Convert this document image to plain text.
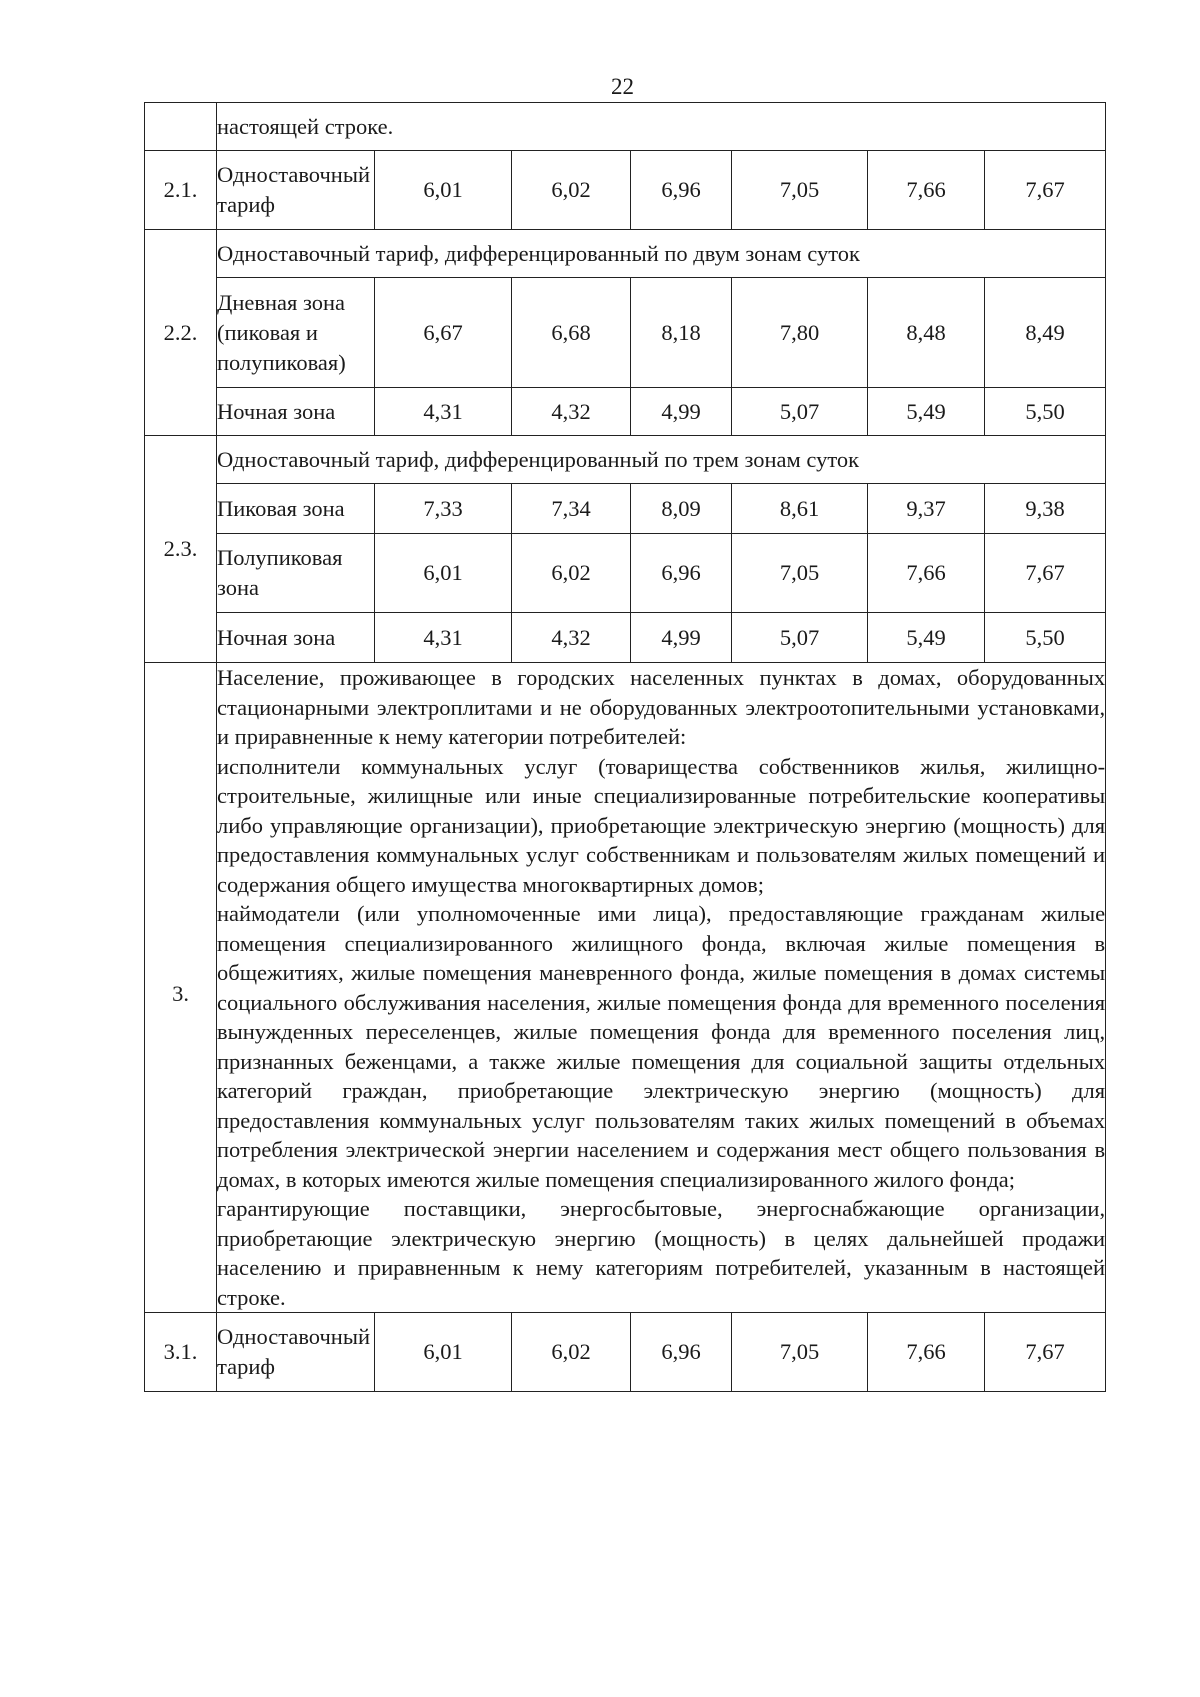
22
	настоящей строке.						
2.1.	Одноставочный тариф	6,01	6,02	6,96	7,05	7,66	7,67
2.2.	Одноставочный тариф, дифференцированный по двум зонам суток						
	Дневная зона (пиковая и полупиковая)	6,67	6,68	8,18	7,80	8,48	8,49
	Ночная зона	4,31	4,32	4,99	5,07	5,49	5,50
2.3.	Одноставочный тариф, дифференцированный по трем зонам суток						
	Пиковая зона	7,33	7,34	8,09	8,61	9,37	9,38
	Полупиковая зона	6,01	6,02	6,96	7,05	7,66	7,67
	Ночная зона	4,31	4,32	4,99	5,07	5,49	5,50
3.	Население, проживающее в городских населенных пунктах в домах, оборудованных стационарными электроплитами и не оборудованных электроотопительными установками, и приравненные к нему категории потребителей:

исполнители коммунальных услуг (товарищества собственников жилья, жилищно-строительные, жилищные или иные специализированные потребительские кооперативы либо управляющие организации), приобретающие электрическую энергию (мощность) для предоставления коммунальных услуг собственникам и пользователям жилых помещений и содержания общего имущества многоквартирных домов;

наймодатели (или уполномоченные ими лица), предоставляющие гражданам жилые помещения специализированного жилищного фонда, включая жилые помещения в общежитиях, жилые помещения маневренного фонда, жилые помещения в домах системы социального обслуживания населения, жилые помещения фонда для временного поселения вынужденных переселенцев, жилые помещения фонда для временного поселения лиц, признанных беженцами, а также жилые помещения для социальной защиты отдельных категорий граждан, приобретающие электрическую энергию (мощность) для предоставления коммунальных услуг пользователям таких жилых помещений в объемах потребления электрической энергии населением и содержания мест общего пользования в домах, в которых имеются жилые помещения специализированного жилого фонда;

гарантирующие поставщики, энергосбытовые, энергоснабжающие организации, приобретающие электрическую энергию (мощность) в целях дальнейшей продажи населению и приравненным к нему категориям потребителей, указанным в настоящей строке.						

3.1.	Одноставочный тариф	6,01	6,02	6,96	7,05	7,66	7,67
